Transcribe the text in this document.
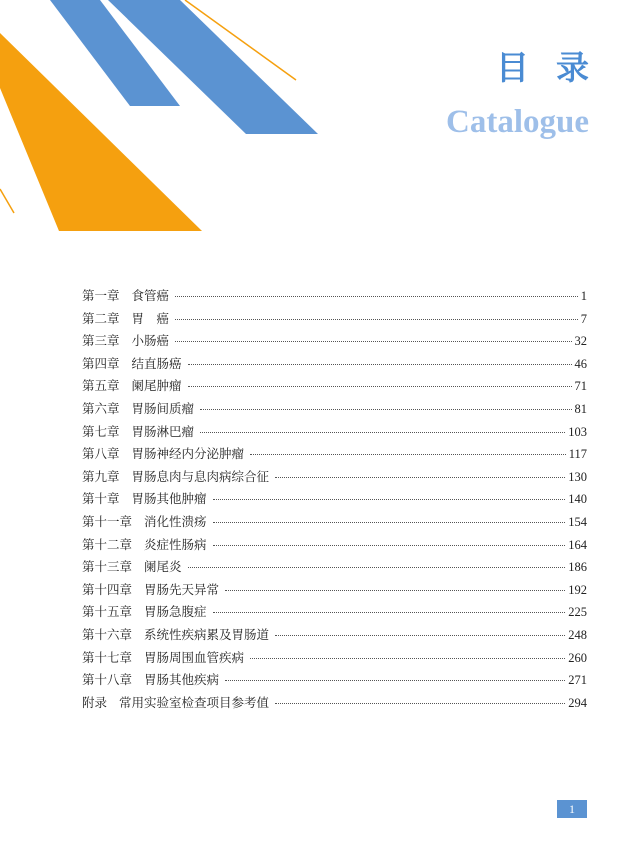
目录
Catalogue
第一章 食管癌	1
第二章 胃　癌	7
第三章 小肠癌	32
第四章 结直肠癌	46
第五章 阑尾肿瘤	71
第六章 胃肠间质瘤	81
第七章 胃肠淋巴瘤	103
第八章 胃肠神经内分泌肿瘤	117
第九章 胃肠息肉与息肉病综合征	130
第十章 胃肠其他肿瘤	140
第十一章 消化性溃疡	154
第十二章 炎症性肠病	164
第十三章 阑尾炎	186
第十四章 胃肠先天异常	192
第十五章 胃肠急腹症	225
第十六章 系统性疾病累及胃肠道	248
第十七章 胃肠周围血管疾病	260
第十八章 胃肠其他疾病	271
附录 常用实验室检查项目参考值	294
1
